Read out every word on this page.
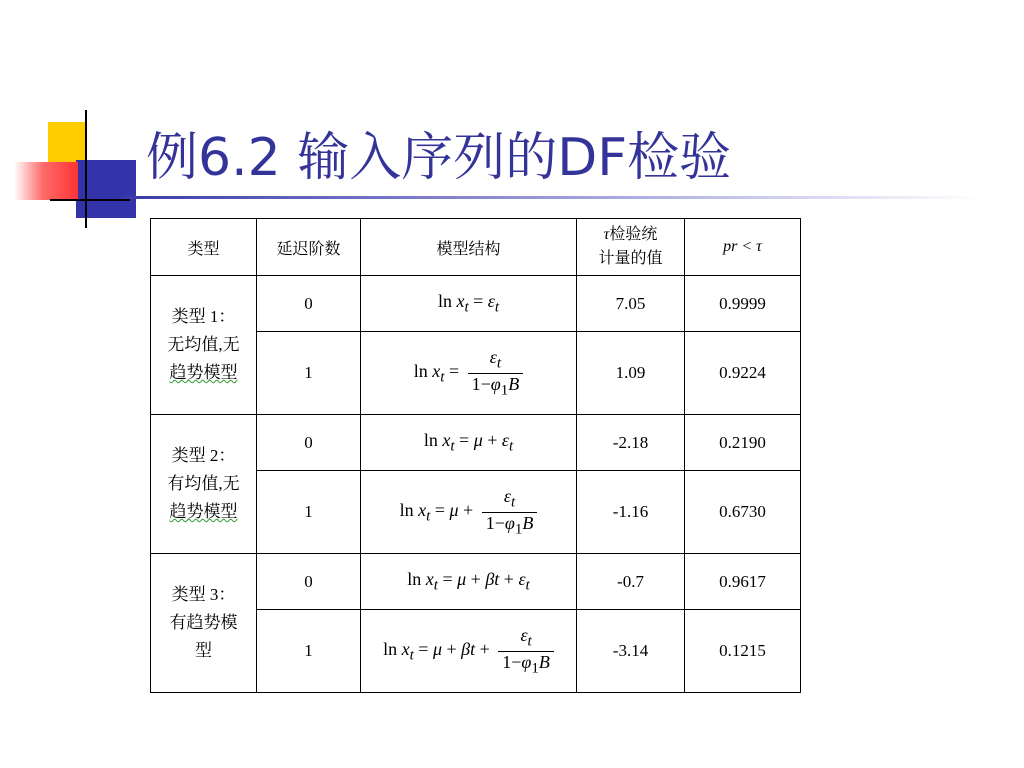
例6.2 输入序列的DF检验
类型	延迟阶数	模型结构	τ检验统
计量的值	pr < τ
类型 1：
无均值,无
趋势模型	0	$\ln x_t = \varepsilon_t$	7.05	0.9999
	1	$\ln x_t = \frac{\varepsilon_t}{1-\varphi_1B}$	1.09	0.9224
类型 2：
有均值,无
趋势模型	0	$\ln x_t = \mu + \varepsilon_t$	-2.18	0.2190
	1	$\ln x_t = \mu + \frac{\varepsilon_t}{1-\varphi_1B}$	-1.16	0.6730
类型 3：
有趋势模
型	0	$\ln x_t = \mu + \beta t + \varepsilon_t$	-0.7	0.9617
	1	$\ln x_t = \mu + \beta t + \frac{\varepsilon_t}{1-\varphi_1B}$	-3.14	0.1215
